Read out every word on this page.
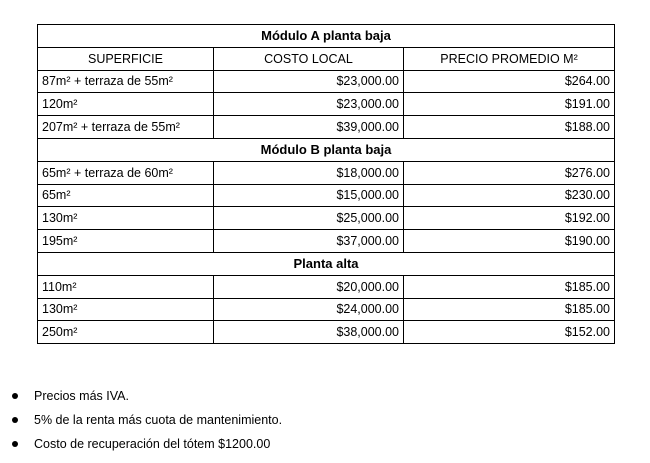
Módulo A planta baja		
SUPERFICIE	COSTO LOCAL	PRECIO PROMEDIO M²
87m² + terraza de 55m²	$23,000.00	$264.00
120m²	$23,000.00	$191.00
207m² + terraza de 55m²	$39,000.00	$188.00
Módulo B planta baja		
65m² + terraza de 60m²	$18,000.00	$276.00
65m²	$15,000.00	$230.00
130m²	$25,000.00	$192.00
195m²	$37,000.00	$190.00
Planta alta		
110m²	$20,000.00	$185.00
130m²	$24,000.00	$185.00
250m²	$38,000.00	$152.00
Precios más IVA.
5% de la renta más cuota de mantenimiento.
Costo de recuperación del tótem $1200.00
